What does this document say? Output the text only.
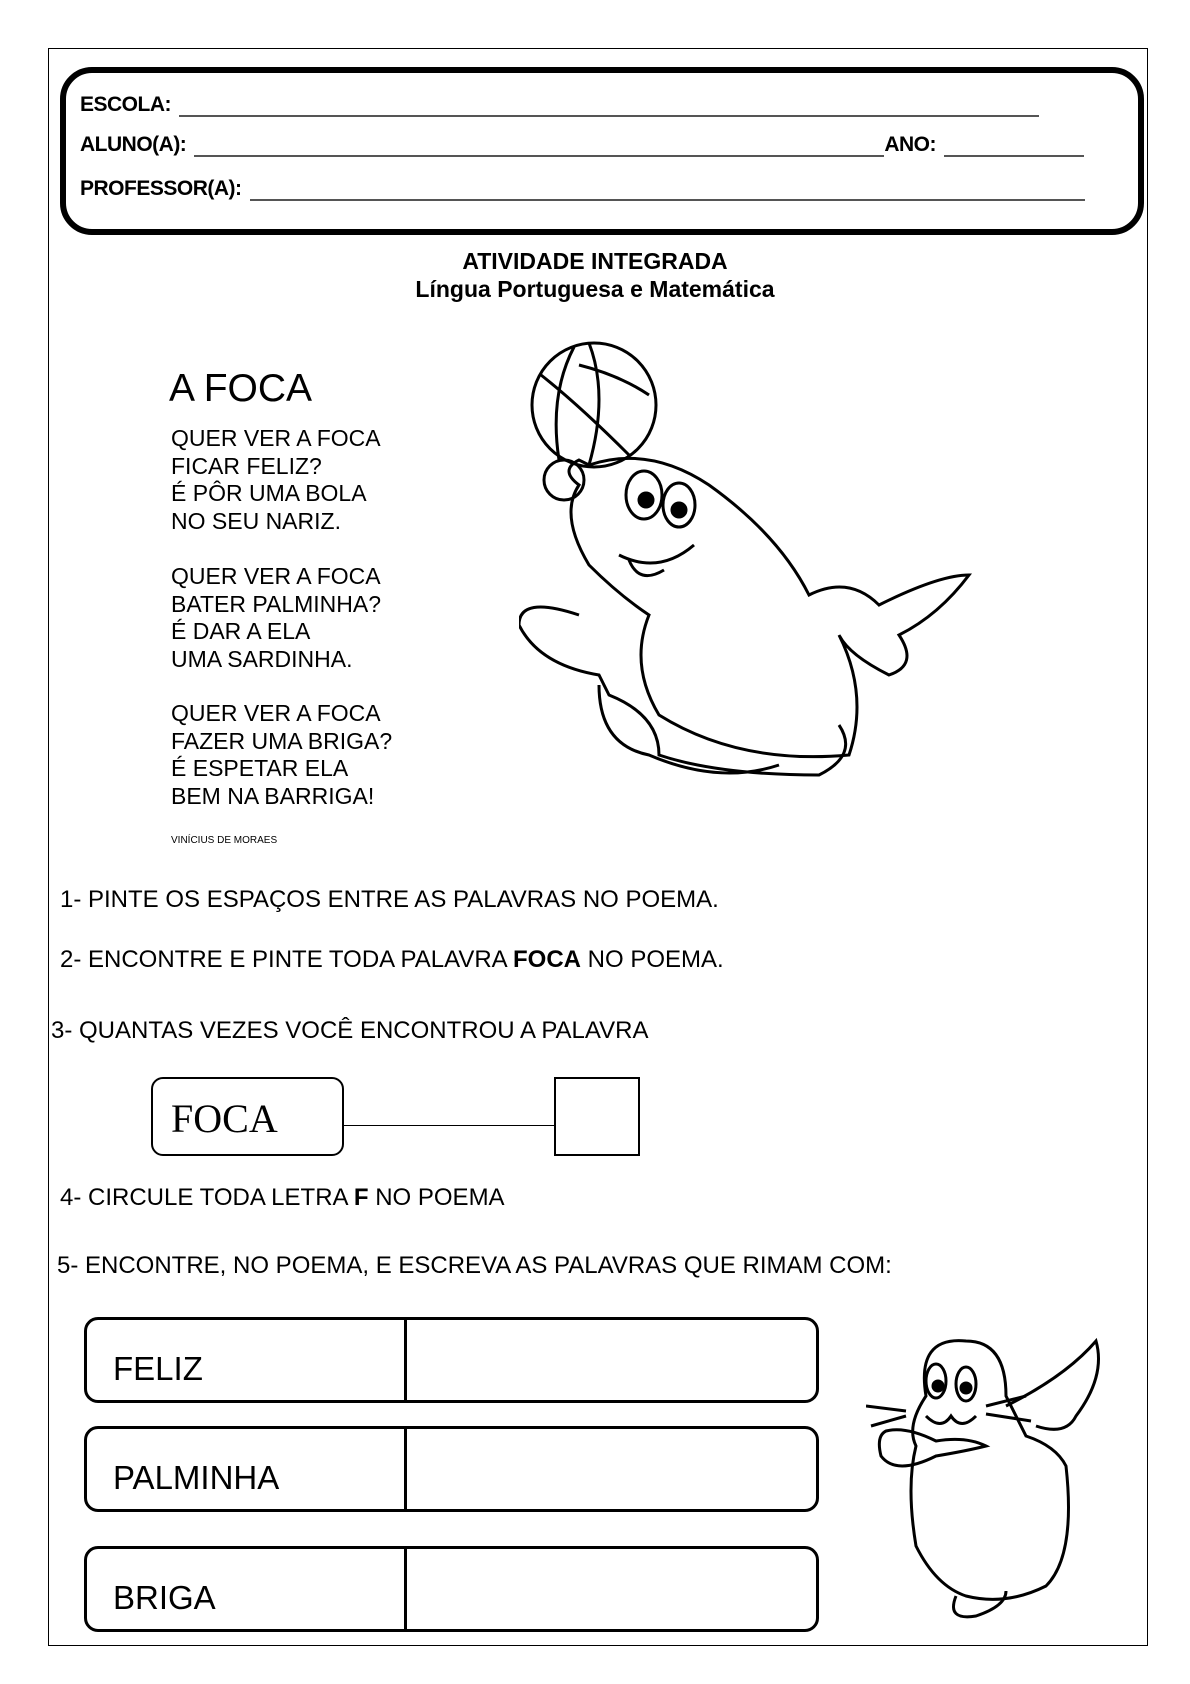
ESCOLA:
ALUNO(A):	ANO:
PROFESSOR(A):
ATIVIDADE INTEGRADA
Língua Portuguesa e Matemática
A FOCA
QUER VER A FOCA
FICAR FELIZ?
É PÔR UMA BOLA
NO SEU NARIZ.
QUER VER A FOCA
BATER PALMINHA?
É DAR A ELA
UMA SARDINHA.
QUER VER A FOCA
FAZER UMA BRIGA?
É ESPETAR ELA
BEM NA BARRIGA!
VINÍCIUS DE MORAES
1- PINTE OS ESPAÇOS ENTRE AS PALAVRAS NO POEMA.
2- ENCONTRE E PINTE TODA PALAVRA FOCA NO POEMA.
3- QUANTAS VEZES VOCÊ ENCONTROU A PALAVRA
FOCA
4- CIRCULE TODA LETRA F NO POEMA
5- ENCONTRE, NO POEMA, E ESCREVA AS PALAVRAS QUE RIMAM COM:
FELIZ
PALMINHA
BRIGA
